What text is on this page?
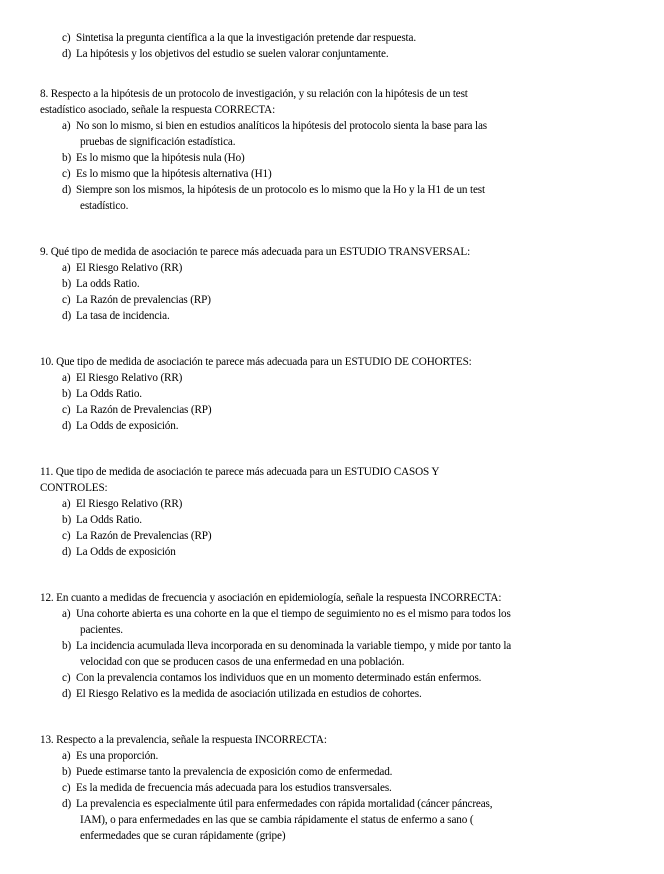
c) Sintetisa la pregunta científica a la que la investigación pretende dar respuesta.
d) La hipótesis y los objetivos del estudio se suelen valorar conjuntamente.
8. Respecto a la hipótesis de un protocolo de investigación, y su relación con la hipótesis de un test
estadístico asociado, señale la respuesta CORRECTA:
a) No son lo mismo, si bien en estudios analíticos la hipótesis del protocolo sienta la base para las
pruebas de significación estadística.
b) Es lo mismo que la hipótesis nula (Ho)
c) Es lo mismo que la hipótesis alternativa (H1)
d) Siempre son los mismos, la hipótesis de un protocolo es lo mismo que la Ho y la H1 de un test
estadístico.
9. Qué tipo de medida de asociación te parece más adecuada para un ESTUDIO TRANSVERSAL:
a) El Riesgo Relativo (RR)
b) La odds Ratio.
c) La Razón de prevalencias (RP)
d) La tasa de incidencia.
10. Que tipo de medida de asociación te parece más adecuada para un ESTUDIO DE COHORTES:
a) El Riesgo Relativo (RR)
b) La Odds Ratio.
c) La Razón de Prevalencias (RP)
d) La Odds de exposición.
11. Que tipo de medida de asociación te parece más adecuada para un ESTUDIO CASOS Y
CONTROLES:
a) El Riesgo Relativo (RR)
b) La Odds Ratio.
c) La Razón de Prevalencias (RP)
d) La Odds de exposición
12. En cuanto a medidas de frecuencia y asociación en epidemiología, señale la respuesta INCORRECTA:
a) Una cohorte abierta es una cohorte en la que el tiempo de seguimiento no es el mismo para todos los
pacientes.
b) La incidencia acumulada lleva incorporada en su denominada la variable tiempo, y mide por tanto la
velocidad con que se producen casos de una enfermedad en una población.
c) Con la prevalencia contamos los individuos que en un momento determinado están enfermos.
d) El Riesgo Relativo es la medida de asociación utilizada en estudios de cohortes.
13. Respecto a la prevalencia, señale la respuesta INCORRECTA:
a) Es una proporción.
b) Puede estimarse tanto la prevalencia de exposición como de enfermedad.
c) Es la medida de frecuencia más adecuada para los estudios transversales.
d) La prevalencia es especialmente útil para enfermedades con rápida mortalidad (cáncer páncreas,
IAM), o para enfermedades en las que se cambia rápidamente el status de enfermo a sano (
enfermedades que se curan rápidamente (gripe)
